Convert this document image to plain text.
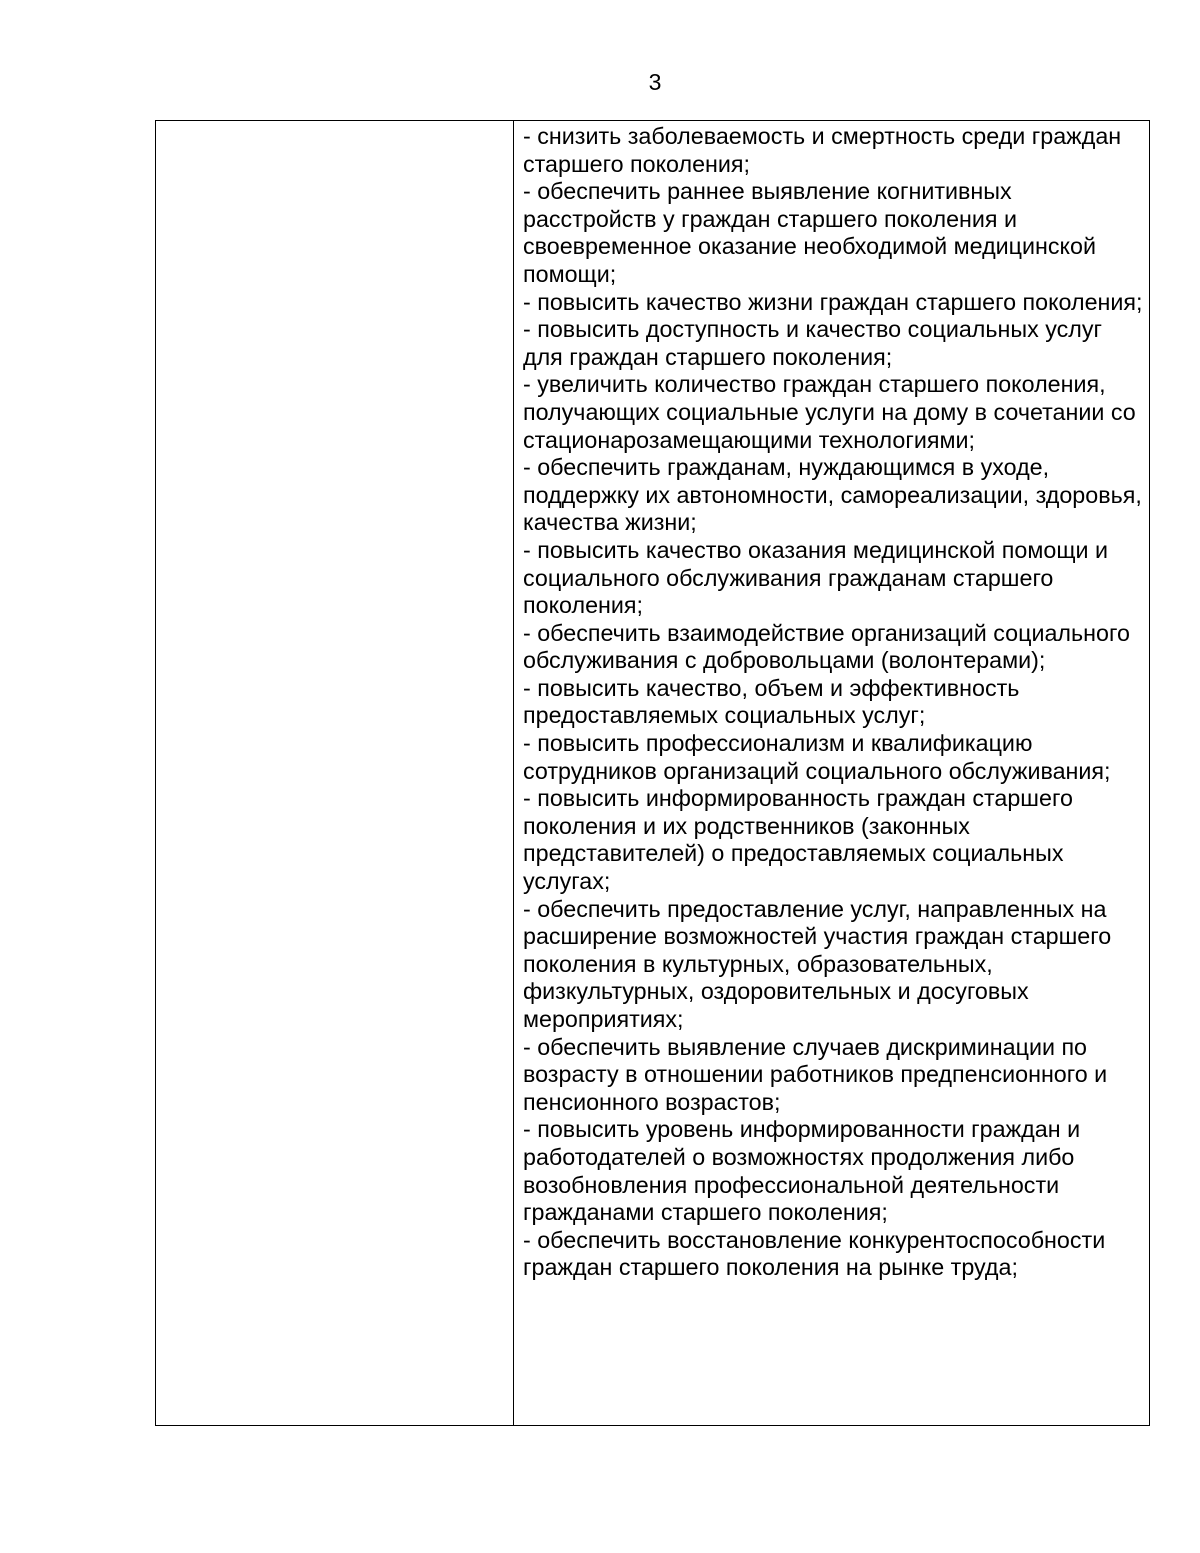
3

- снизить заболеваемость и смертность среди граждан старшего поколения;

- обеспечить раннее выявление когнитивных расстройств у граждан старшего поколения и своевременное оказание необходимой медицинской помощи;

- повысить качество жизни граждан старшего поколения;

- повысить доступность и качество социальных услуг для граждан старшего поколения;

- увеличить количество граждан старшего поколения, получающих социальные услуги на дому в сочетании со стационарозамещающими технологиями;

- обеспечить гражданам, нуждающимся в уходе, поддержку их автономности, самореализации, здоровья, качества жизни;

- повысить качество оказания медицинской помощи и социального обслуживания гражданам старшего поколения;

- обеспечить взаимодействие организаций социального обслуживания с добровольцами (волонтерами);

- повысить качество, объем и эффективность предоставляемых социальных услуг;

- повысить профессионализм и квалификацию сотрудников организаций социального обслуживания;

- повысить информированность граждан старшего поколения и их родственников (законных представителей) о предоставляемых социальных услугах;

- обеспечить предоставление услуг, направленных на расширение возможностей участия граждан старшего поколения в культурных, образовательных, физкультурных, оздоровительных и досуговых мероприятиях;

- обеспечить выявление случаев дискриминации по возрасту в отношении работников предпенсионного и пенсионного возрастов;

- повысить уровень информированности граждан и работодателей о возможностях продолжения либо возобновления профессиональной деятельности гражданами старшего поколения;

- обеспечить восстановление конкурентоспособности граждан старшего поколения на рынке труда;
